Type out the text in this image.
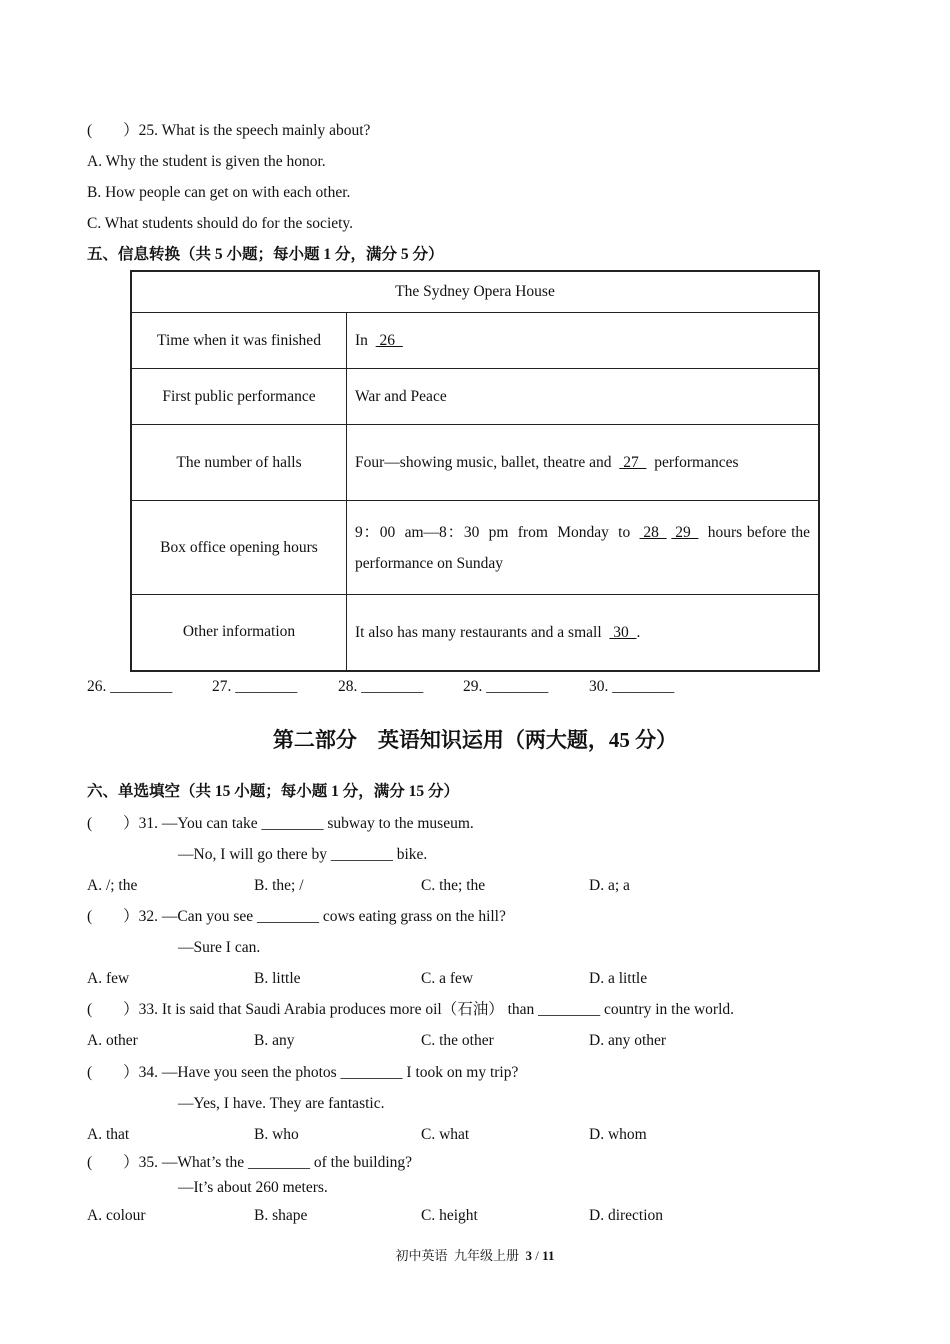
(        ）25. What is the speech mainly about?
A. Why the student is given the honor.
B. How people can get on with each other.
C. What students should do for the society.
五、信息转换（共 5 小题；每小题 1 分，满分 5 分）
The Sydney Opera House	
Time when it was finished	In   26
First public performance	War and Peace
The number of halls	Four—showing music, ballet, theatre and   27    performances
Box office opening hours	9：00  am—8：30  pm  from  Monday  to   28    29    hours before the performance on Sunday
Other information	It also has many restaurants and a small   30  .
26. ________	27. ________	28. ________	29. ________	30. ________
第二部分    英语知识运用（两大题，45 分）
六、单选填空（共 15 小题；每小题 1 分，满分 15 分）
(        ）31. —You can take ________ subway to the museum.
—No, I will go there by ________ bike.
A. /; the	B. the; /	C. the; the	D. a; a
(        ）32. —Can you see ________ cows eating grass on the hill?
—Sure I can.
A. few	B. little	C. a few	D. a little
(        ）33. It is said that Saudi Arabia produces more oil（石油） than ________ country in the world.
A. other	B. any	C. the other	D. any other
(        ）34. —Have you seen the photos ________ I took on my trip?
—Yes, I have. They are fantastic.
A. that	B. who	C. what	D. whom
(        ）35. —What’s the ________ of the building?
—It’s about 260 meters.
A. colour	B. shape	C. height	D. direction
初中英语  九年级上册  3 / 11
